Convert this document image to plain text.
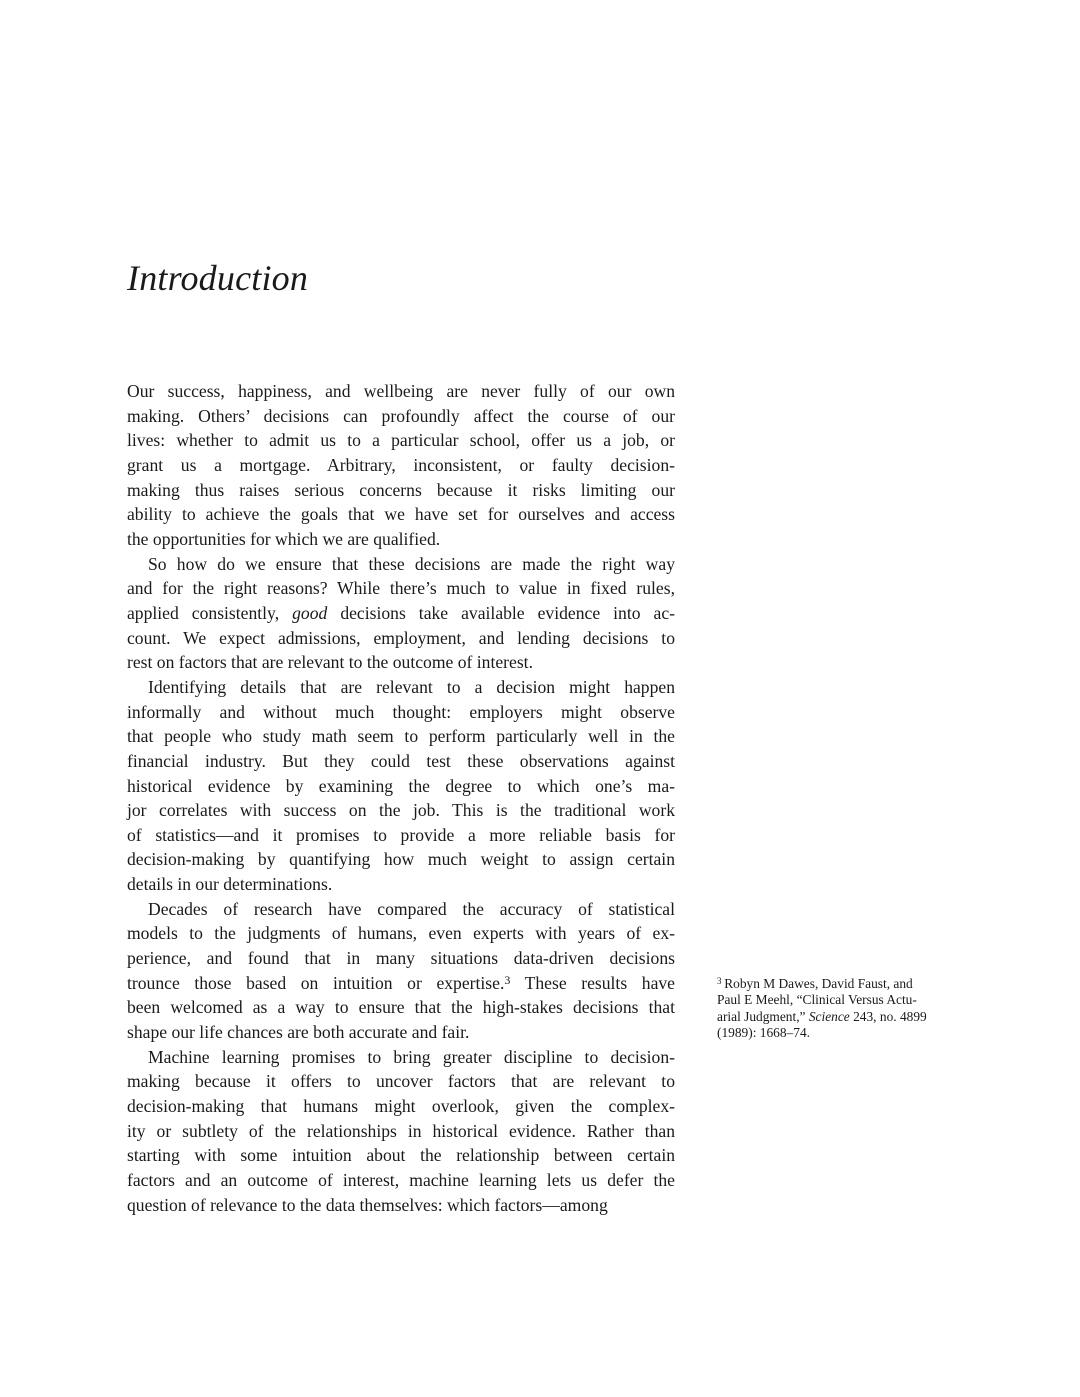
Introduction

Our success, happiness, and wellbeing are never fully of our own
making. Others’ decisions can profoundly affect the course of our
lives: whether to admit us to a particular school, offer us a job, or
grant us a mortgage. Arbitrary, inconsistent, or faulty decision-
making thus raises serious concerns because it risks limiting our
ability to achieve the goals that we have set for ourselves and access
the opportunities for which we are qualified.

So how do we ensure that these decisions are made the right way
and for the right reasons? While there’s much to value in fixed rules,
applied consistently, good decisions take available evidence into ac-
count. We expect admissions, employment, and lending decisions to
rest on factors that are relevant to the outcome of interest.

Identifying details that are relevant to a decision might happen
informally and without much thought: employers might observe
that people who study math seem to perform particularly well in the
financial industry. But they could test these observations against
historical evidence by examining the degree to which one’s ma-
jor correlates with success on the job. This is the traditional work
of statistics—and it promises to provide a more reliable basis for
decision-making by quantifying how much weight to assign certain
details in our determinations.

Decades of research have compared the accuracy of statistical
models to the judgments of humans, even experts with years of ex-
perience, and found that in many situations data-driven decisions
trounce those based on intuition or expertise.$^3$ These results have
been welcomed as a way to ensure that the high-stakes decisions that
shape our life chances are both accurate and fair.

Machine learning promises to bring greater discipline to decision-
making because it offers to uncover factors that are relevant to
decision-making that humans might overlook, given the complex-
ity or subtlety of the relationships in historical evidence. Rather than
starting with some intuition about the relationship between certain
factors and an outcome of interest, machine learning lets us defer the
question of relevance to the data themselves: which factors—among

$^3$  Robyn M Dawes, David Faust, and
Paul E Meehl, “Clinical Versus Actu-
arial Judgment,” Science 243, no. 4899
(1989): 1668–74.
